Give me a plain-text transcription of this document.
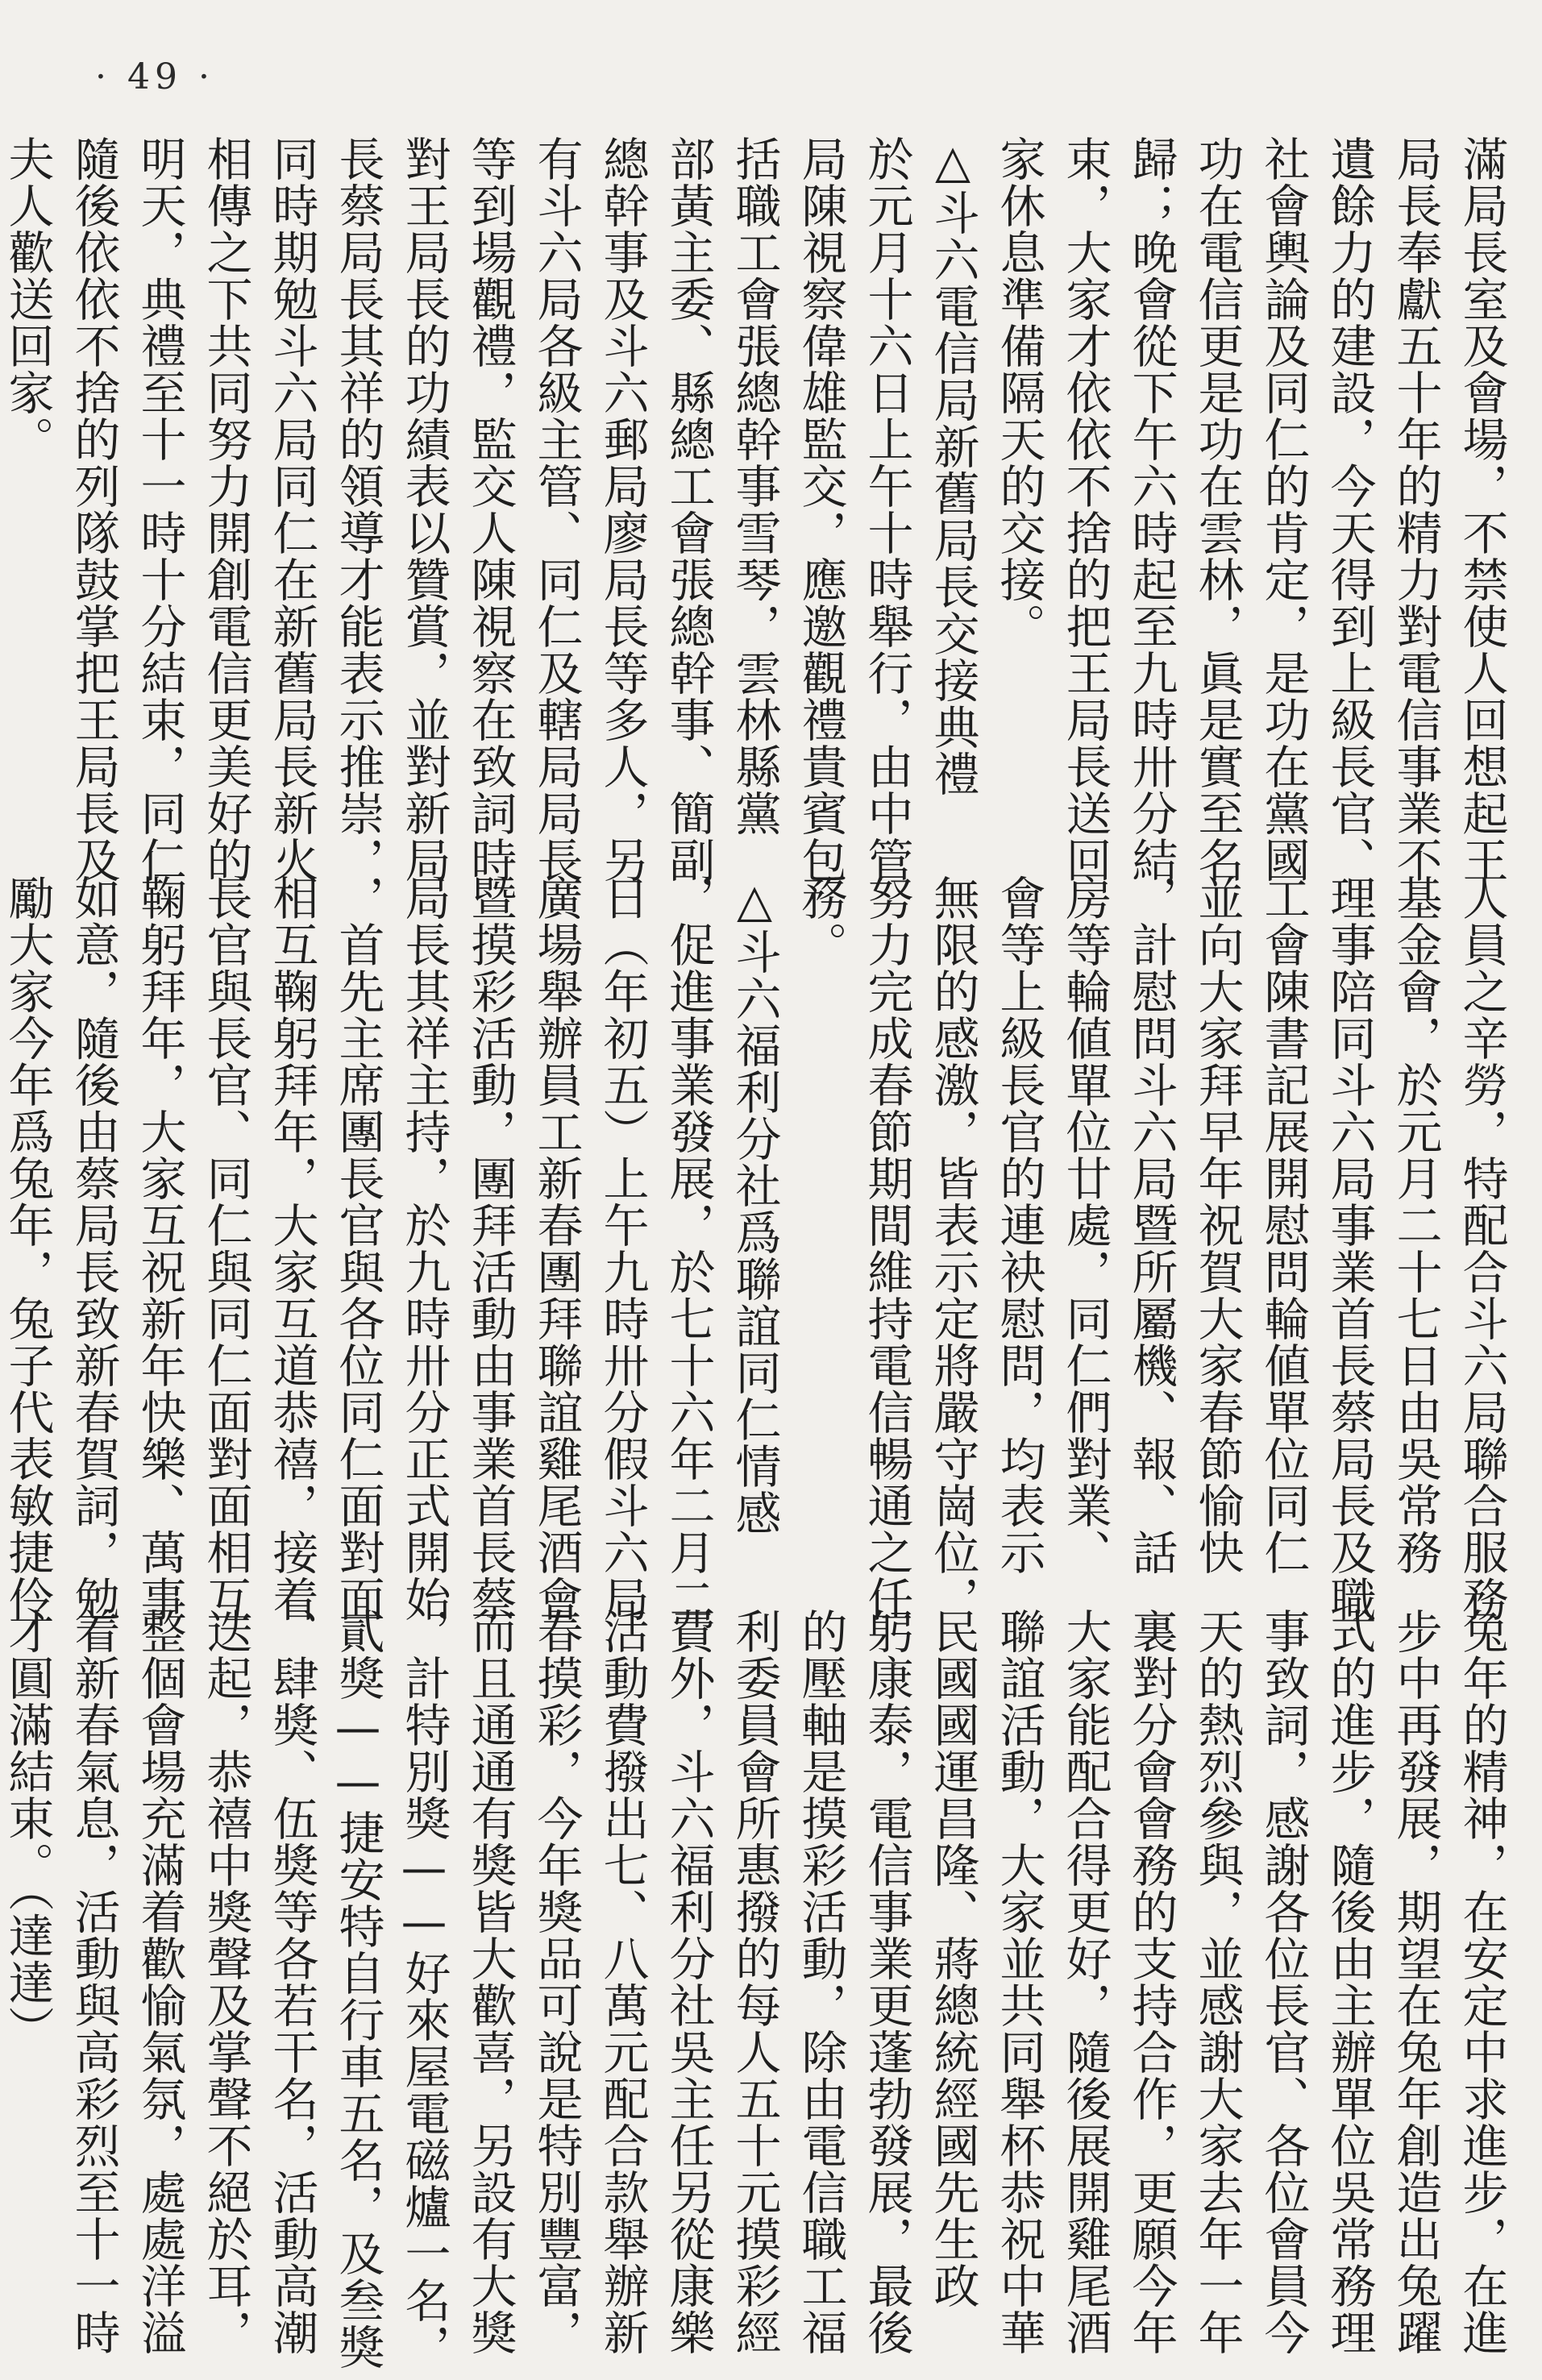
· 49 ·
滿局長室及會場，不禁使人回想起王
局長奉獻五十年的精力對電信事業不
遺餘力的建設，今天得到上級長官、
社會輿論及同仁的肯定，是功在黨國
功在電信更是功在雲林，眞是實至名
歸；晚會從下午六時起至九時卅分結
束，大家才依依不捨的把王局長送回
家休息準備隔天的交接。
△斗六電信局新舊局長交接典禮
於元月十六日上午十時舉行，由中管
局陳視察偉雄監交，應邀觀禮貴賓包
括職工會張總幹事雪琴，雲林縣黨
部黃主委、縣總工會張總幹事、簡副
總幹事及斗六郵局廖局長等多人，另
有斗六局各級主管、同仁及轄局局長
等到場觀禮，監交人陳視察在致詞時
對王局長的功績表以贊賞，並對新局
長蔡局長其祥的領導才能表示推崇，
同時期勉斗六局同仁在新舊局長新火
相傳之下共同努力開創電信更美好的
明天，典禮至十一時十分結束，同仁
隨後依依不捨的列隊鼓掌把王局長及
夫人歡送回家。
人員之辛勞，特配合斗六局聯合服務
基金會，於元月二十七日由吳常務
理事陪同斗六局事業首長蔡局長及職
工會陳書記展開慰問輪値單位同仁
並向大家拜早年祝賀大家春節愉快
，計慰問斗六局暨所屬機、報、話
房等輪値單位廿處，同仁們對業、
會等上級長官的連袂慰問，均表示
無限的感激，皆表示定將嚴守崗位，
努力完成春節期間維持電信暢通之任
務。
△斗六福利分社爲聯誼同仁情感
，促進事業發展，於七十六年二月二
日（年初五）上午九時卅分假斗六局
廣場舉辦員工新春團拜聯誼雞尾酒會
暨摸彩活動，團拜活動由事業首長蔡
局長其祥主持，於九時卅分正式開始
，首先主席團長官與各位同仁面對面
相互鞠躬拜年，大家互道恭禧，接着
長官與長官、同仁與同仁面對面相互
鞠躬拜年，大家互祝新年快樂、萬事
如意，隨後由蔡局長致新春賀詞，勉
勵大家今年爲兔年，兔子代表敏捷伶
兔年的精神，在安定中求進步，在進
步中再發展，期望在兔年創造出兔躍
式的進步，隨後由主辦單位吳常務理
事致詞，感謝各位長官、各位會員今
天的熱烈參與，並感謝大家去年一年
裏對分會會務的支持合作，更願今年
大家能配合得更好，隨後展開雞尾酒
聯誼活動，大家並共同舉杯恭祝中華
民國國運昌隆、蔣總統經國先生政
躬康泰，電信事業更蓬勃發展，最後
的壓軸是摸彩活動，除由電信職工福
利委員會所惠撥的每人五十元摸彩經
費外，斗六福利分社吳主任另從康樂
活動費撥出七、八萬元配合款舉辦新
春摸彩，今年獎品可說是特別豐富，
而且通通有獎皆大歡喜，另設有大獎
，計特別獎——好來屋電磁爐一名，
貳獎——捷安特自行車五名，及叁獎
、肆獎、伍獎等各若干名，活動高潮
迭起，恭禧中獎聲及掌聲不絕於耳，
整個會場充滿着歡愉氣氛，處處洋溢
着新春氣息，活動與高彩烈至十一時
才圓滿結束。（達達）
